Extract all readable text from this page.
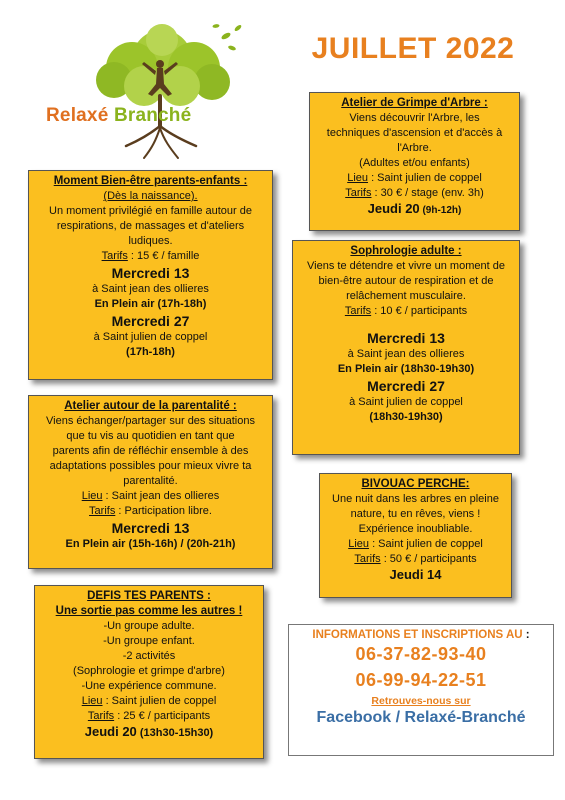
Relaxé Branché
JUILLET 2022
Atelier de Grimpe d'Arbre :
Viens découvrir l'Arbre, les
techniques d'ascension et d'accès à
l'Arbre.
(Adultes et/ou enfants)
Lieu : Saint julien de coppel
Tarifs : 30 € / stage (env. 3h)
Jeudi 20 (9h-12h)
Moment Bien-être parents-enfants :
(Dès la naissance).
Un moment privilégié en famille autour de
respirations, de massages et d'ateliers
ludiques.
Tarifs : 15 € / famille
Mercredi 13
à Saint jean des ollieres
En Plein air (17h-18h)
Mercredi 27
à Saint julien de coppel
(17h-18h)
Sophrologie adulte :
Viens te détendre et vivre un moment de
bien-être autour de respiration et de
relâchement musculaire.
Tarifs : 10 € / participants
Mercredi 13
à Saint jean des ollieres
En Plein air (18h30-19h30)
Mercredi 27
à Saint julien de coppel
(18h30-19h30)
Atelier autour de la parentalité :
Viens échanger/partager sur des situations
que tu vis au quotidien en tant que
parents afin de réfléchir ensemble à des
adaptations possibles pour mieux vivre ta
parentalité.
Lieu : Saint jean des ollieres
Tarifs : Participation libre.
Mercredi 13
En Plein air (15h-16h) / (20h-21h)
BIVOUAC PERCHE:
Une nuit dans les arbres en pleine
nature, tu en rêves, viens !
Expérience inoubliable.
Lieu : Saint julien de coppel
Tarifs : 50 € / participants
Jeudi 14
DEFIS TES PARENTS :
Une sortie pas comme les autres !
-Un groupe adulte.
-Un groupe enfant.
-2 activités
(Sophrologie et grimpe d'arbre)
-Une expérience commune.
Lieu : Saint julien de coppel
Tarifs : 25 € / participants
Jeudi 20 (13h30-15h30)
INFORMATIONS ET INSCRIPTIONS AU :
06-37-82-93-40
06-99-94-22-51
Retrouves-nous sur
Facebook / Relaxé-Branché
